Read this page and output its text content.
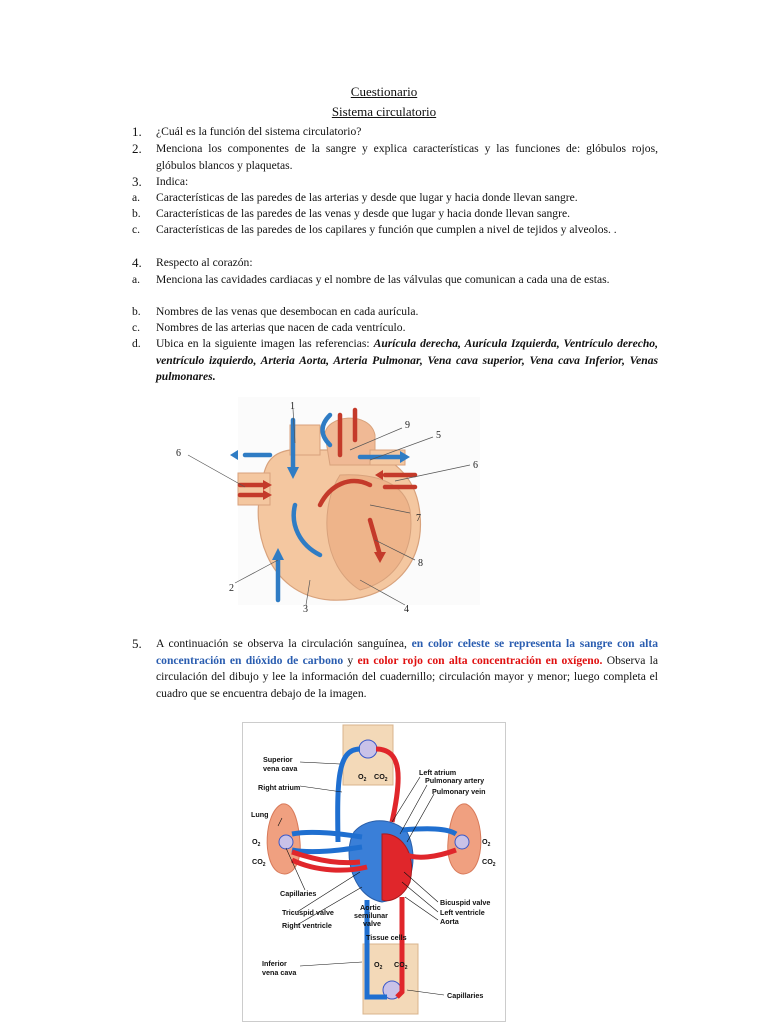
Cuestionario
Sistema circulatorio
1. ¿Cuál es la función del sistema circulatorio?
2. Menciona los componentes de la sangre y explica características y las funciones de: glóbulos rojos, glóbulos blancos y plaquetas.
3. Indica:
a. Características de las paredes de las arterias y desde que lugar y hacia donde llevan sangre.
b. Características de las paredes de las venas y desde que lugar y hacia donde llevan sangre.
c. Características de las paredes de los capilares y función que cumplen a nivel de tejidos y alveolos. .
4. Respecto al corazón:
a. Menciona las cavidades cardiacas y el nombre de las válvulas que comunican a cada una de estas.
b. Nombres de las venas que desembocan en cada aurícula.
c. Nombres de las arterias que nacen de cada ventrículo.
d. Ubica en la siguiente imagen las referencias: Aurícula derecha, Aurícula Izquierda, Ventrículo derecho, ventrículo izquierdo, Arteria Aorta, Arteria Pulmonar, Vena cava superior, Vena cava Inferior, Venas pulmonares.
1
2
3	4
5
6
6
7
8
9
5. A continuación se observa la circulación sanguínea, en color celeste se representa la sangre con alta concentración en dióxido de carbono y en color rojo con alta concentración en oxígeno. Observa la circulación del dibujo y lee la información del cuadernillo; circulación mayor y menor; luego completa el cuadro que se encuentra debajo de la imagen.
Superior
vena cava
Right atrium
Lung
$O_2$
$CO_2$
$O_2$
$CO_2$
$O_2$ $CO_2$
$O_2$ $CO_2$
Capillaries
Tricuspid valve
Right ventricle
Aortic
semilunar
valve
Left atrium
Pulmonary artery
Pulmonary vein
Bicuspid valve
Left ventricle
Aorta
Tissue cells
Inferior
vena cava
Capillaries
